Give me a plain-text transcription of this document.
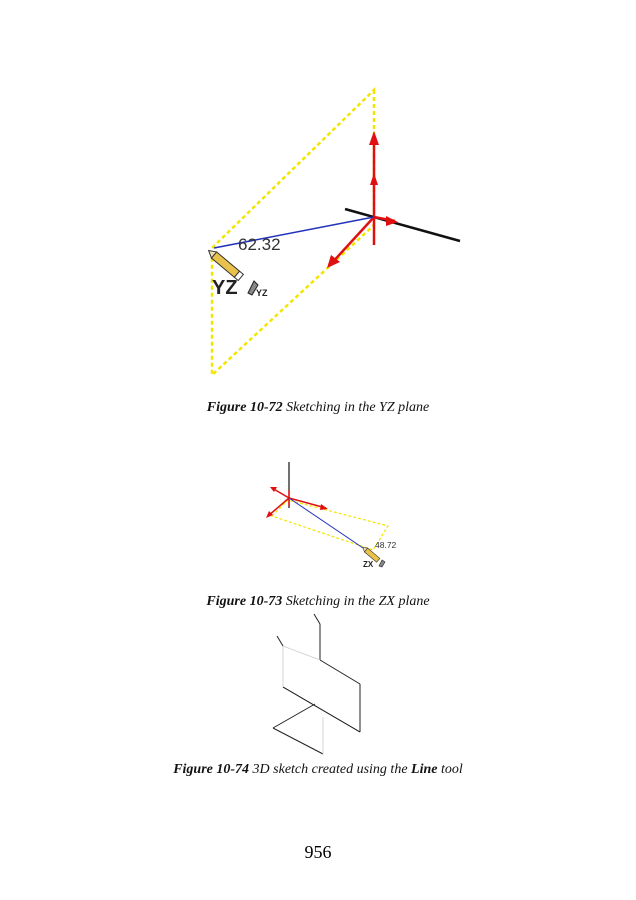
62.32
YZ YZ
Figure 10-72 Sketching in the YZ plane
48.72
ZX
Figure 10-73 Sketching in the ZX plane
Figure 10-74 3D sketch created using the Line tool
956
